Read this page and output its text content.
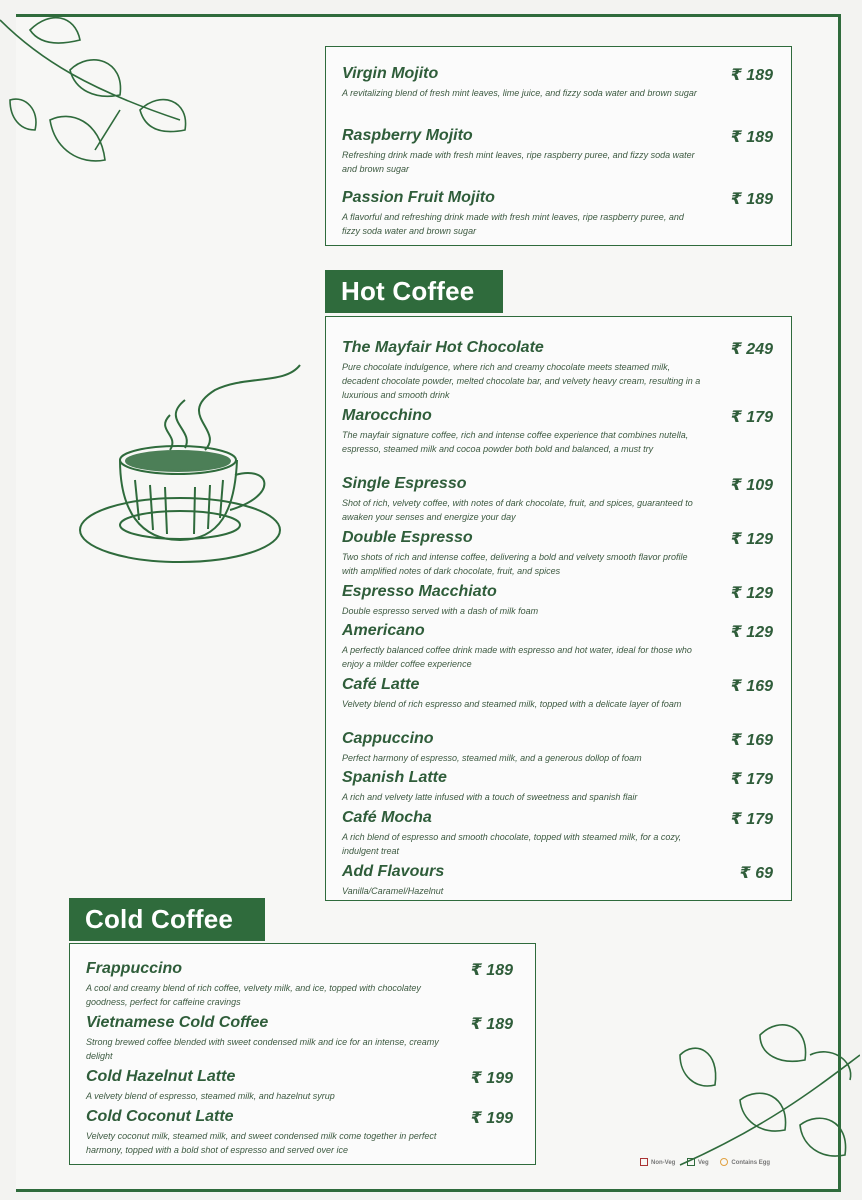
Virgin Mojito	₹ 189
A revitalizing blend of fresh mint leaves, lime juice, and fizzy soda water and brown sugar
Raspberry Mojito	₹ 189
Refreshing drink made with fresh mint leaves, ripe raspberry puree, and fizzy soda water and brown sugar
Passion Fruit Mojito	₹ 189
A flavorful and refreshing drink made with fresh mint leaves, ripe raspberry puree, and fizzy soda water and brown sugar
Hot Coffee
The Mayfair Hot Chocolate	₹ 249
Pure chocolate indulgence, where rich and creamy chocolate meets steamed milk, decadent chocolate powder, melted chocolate bar, and velvety heavy cream, resulting in a luxurious and smooth drink
Marocchino	₹ 179
The mayfair signature coffee, rich and intense coffee experience that combines nutella, espresso, steamed milk and cocoa powder both bold and balanced, a must try
Single Espresso	₹ 109
Shot of rich, velvety coffee, with notes of dark chocolate, fruit, and spices, guaranteed to awaken your senses and energize your day
Double Espresso	₹ 129
Two shots of rich and intense coffee, delivering a bold and velvety smooth flavor profile with amplified notes of dark chocolate, fruit, and spices
Espresso Macchiato	₹ 129
Double espresso served with a dash of milk foam
Americano	₹ 129
A perfectly balanced coffee drink made with espresso and hot water, ideal for those who enjoy a milder coffee experience
Café Latte	₹ 169
Velvety blend of rich espresso and steamed milk, topped with a delicate layer of foam
Cappuccino	₹ 169
Perfect harmony of espresso, steamed milk, and a generous dollop of foam
Spanish Latte	₹ 179
A rich and velvety latte infused with a touch of sweetness and spanish flair
Café Mocha	₹ 179
A rich blend of espresso and smooth chocolate, topped with steamed milk, for a cozy, indulgent treat
Add Flavours	₹ 69
Vanilla/Caramel/Hazelnut
Cold Coffee
Frappuccino	₹ 189
A cool and creamy blend of rich coffee, velvety milk, and ice, topped with chocolatey goodness, perfect for caffeine cravings
Vietnamese Cold Coffee	₹ 189
Strong brewed coffee blended with sweet condensed milk and ice for an intense, creamy delight
Cold Hazelnut Latte	₹ 199
A velvety blend of espresso, steamed milk, and hazelnut syrup
Cold Coconut Latte	₹ 199
Velvety coconut milk, steamed milk, and sweet condensed milk come together in perfect harmony, topped with a bold shot of espresso and served over ice
Non-Veg	Veg	Contains Egg
